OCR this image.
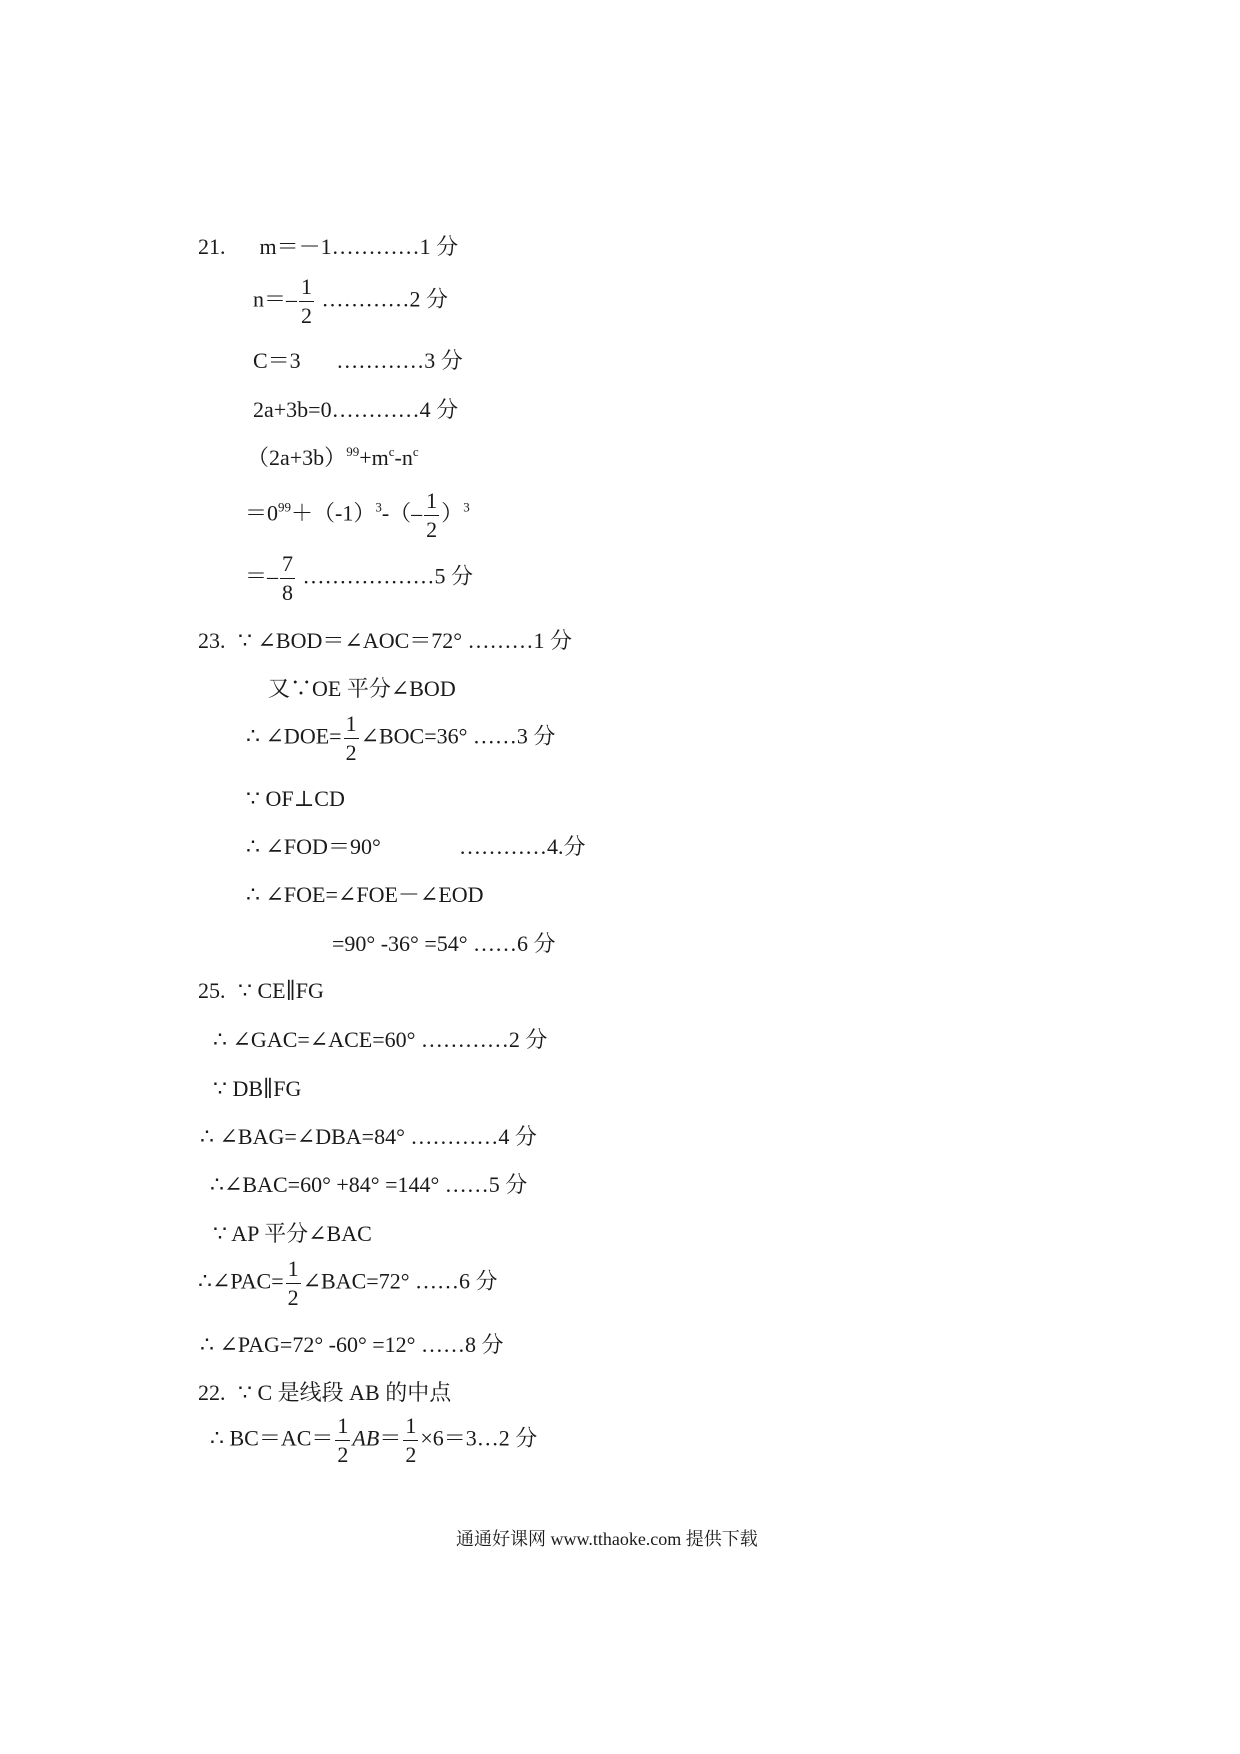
21. m＝－1…………1 分
$n=- \frac{1}{2}$ …………2 分
C＝3 …………3 分
2a+3b=0…………4 分
$(2a+3b)^{99}+m^c-n^c$
$=0^{99}+(-1)^3-(- \frac{1}{2} )^3$
＝– $\frac{7}{8}$ ………………5 分
23. ∵ ∠BOD＝∠AOC＝72° ………1 分
又∵OE 平分∠BOD
∴ ∠DOE= $\frac{1}{2}$ ∠BOC=36° ……3 分
∵ OF⊥CD
∴ ∠FOD＝90°	…………4.分
∴ ∠FOE=∠FOE－∠EOD
=90° -36° =54° ……6 分
25. ∵ CE∥FG
∴ ∠GAC=∠ACE=60° …………2 分
∵ DB∥FG
∴ ∠BAG=∠DBA=84° …………4 分
∴∠BAC=60° +84° =144° ……5 分
∵ AP 平分∠BAC
∴∠PAC= $\frac{1}{2}$ ∠BAC=72° ……6 分
∴ ∠PAG=72° -60° =12° ……8 分
22. ∵ C 是线段 AB 的中点
∴ $BC=AC= \frac{1}{2} AB= \frac{1}{2}$ ×6＝3…2 分
通通好课网 www.tthaoke.com 提供下载
